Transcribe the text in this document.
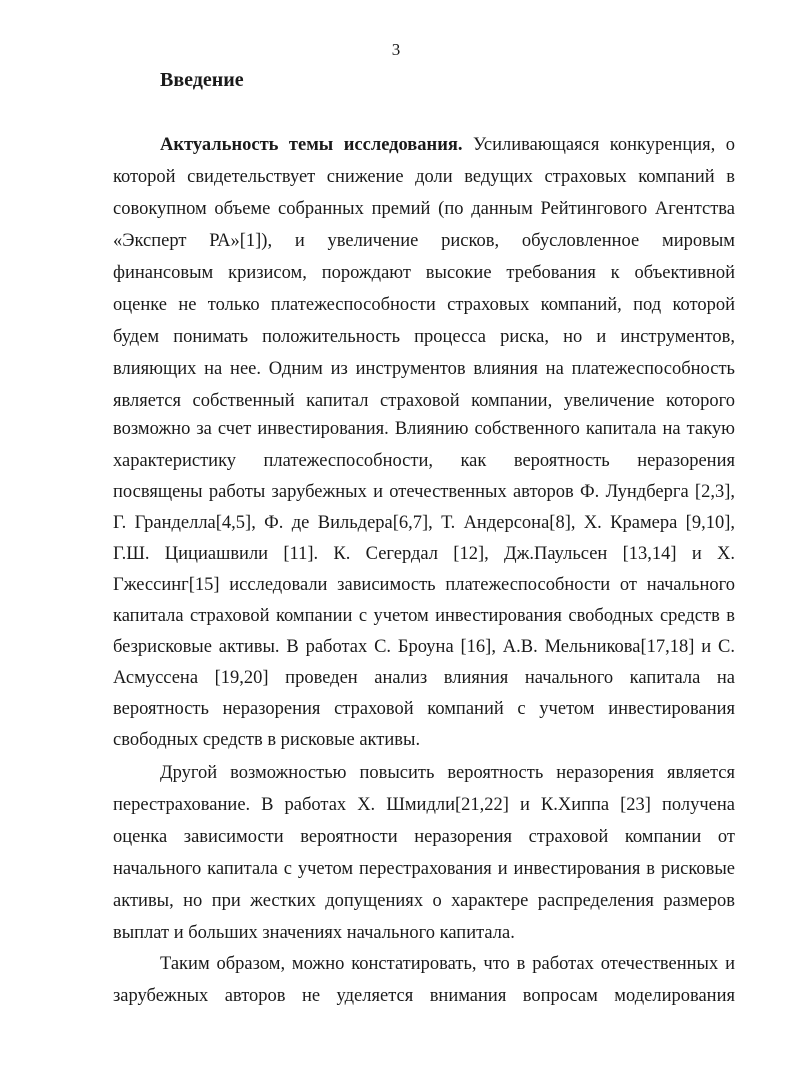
3
Введение
Актуальность темы исследования. Усиливающаяся конкуренция, о
которой свидетельствует снижение доли ведущих страховых компаний в
совокупном объеме собранных премий (по данным Рейтингового Агентства
«Эксперт РА»[1]), и увеличение рисков, обусловленное мировым
финансовым кризисом, порождают высокие требования к объективной
оценке не только платежеспособности страховых компаний, под которой
будем понимать положительность процесса риска, но и инструментов,
влияющих на нее. Одним из инструментов влияния на платежеспособность
является собственный капитал страховой компании, увеличение которого
возможно за счет инвестирования. Влиянию собственного капитала на такую
характеристику платежеспособности, как вероятность неразорения
посвящены работы зарубежных и отечественных авторов Ф. Лундберга [2,3],
Г. Гранделла[4,5], Ф. де Вильдера[6,7], Т. Андерсона[8], Х. Крамера [9,10],
Г.Ш. Цициашвили [11]. К. Сегердал [12], Дж.Паульсен [13,14] и Х.
Гжессинг[15] исследовали зависимость платежеспособности от начального
капитала страховой компании с учетом инвестирования свободных средств в
безрисковые активы. В работах С. Броуна [16], А.В. Мельникова[17,18] и С.
Асмуссена [19,20] проведен анализ влияния начального капитала на
вероятность неразорения страховой компаний с учетом инвестирования
свободных средств в рисковые активы.
Другой возможностью повысить вероятность неразорения является
перестрахование. В работах Х. Шмидли[21,22] и К.Хиппа [23] получена
оценка зависимости вероятности неразорения страховой компании от
начального капитала с учетом перестрахования и инвестирования в рисковые
активы, но при жестких допущениях о характере распределения размеров
выплат и больших значениях начального капитала.
Таким образом, можно констатировать, что в работах отечественных и
зарубежных авторов не уделяется внимания вопросам моделирования
